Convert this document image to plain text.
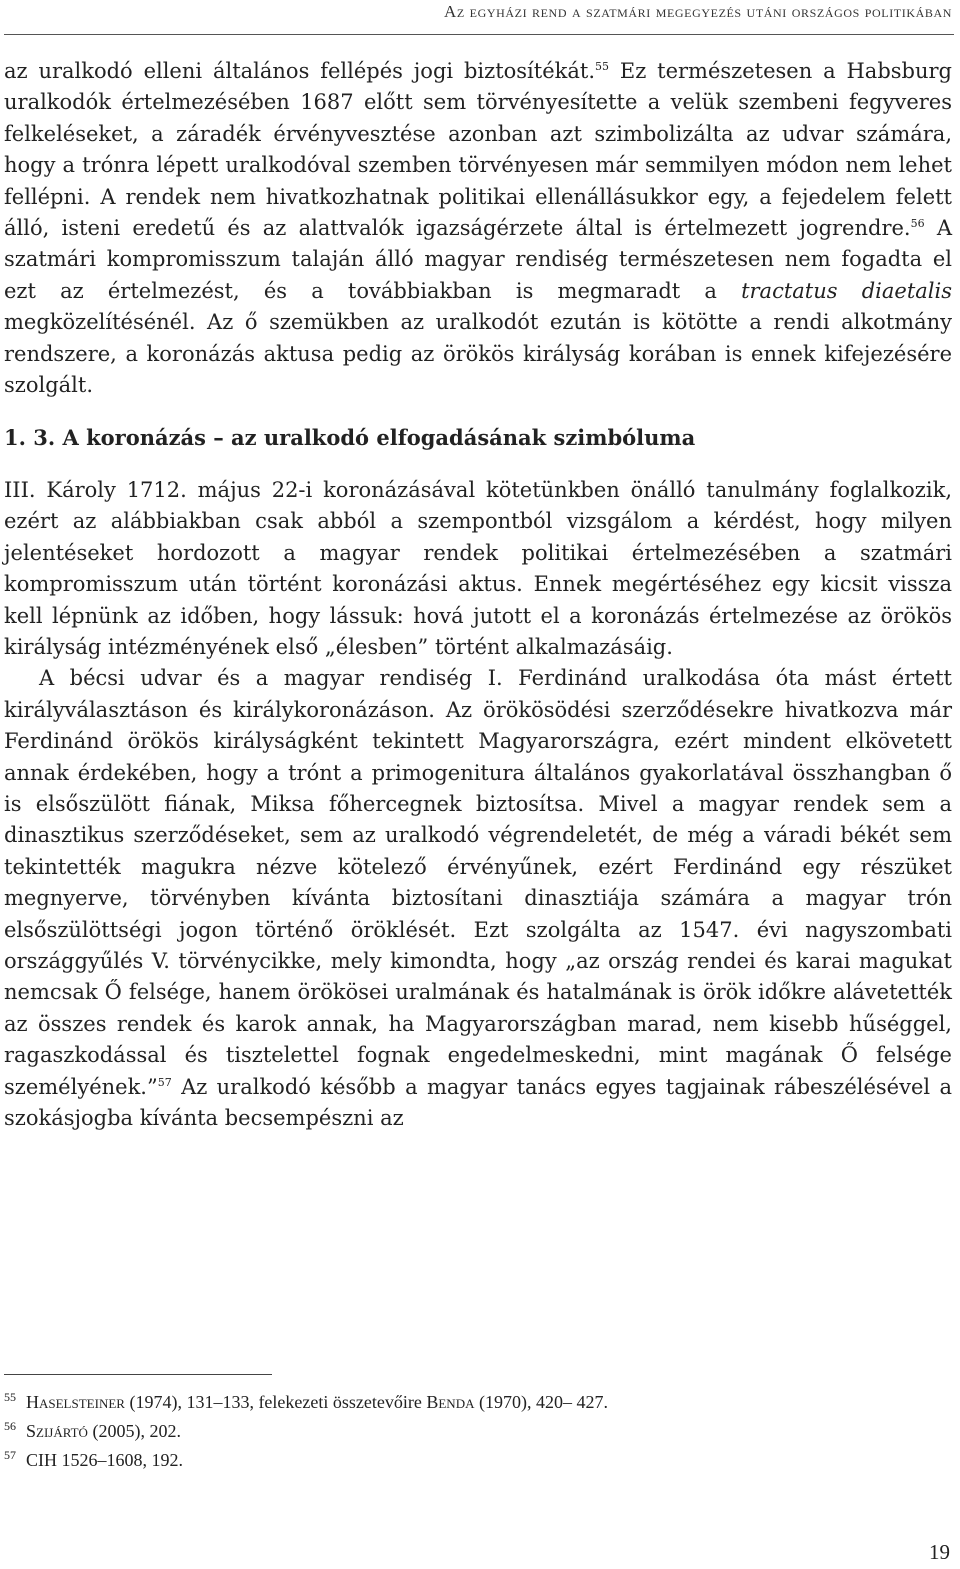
Az egyházi rend a szatmári megegyezés utáni országos politikában

az uralkodó elleni általános fellépés jogi biztosítékát.$^{55}$ Ez természetesen a Habsburg uralkodók értelmezésében 1687 előtt sem törvényesítette a velük szembeni fegyveres felkeléseket, a záradék érvényvesztése azonban azt szimbolizálta az udvar számára, hogy a trónra lépett uralkodóval szemben törvényesen már semmilyen módon nem lehet fellépni. A rendek nem hivatkozhatnak politikai ellenállásukkor egy, a fejedelem felett álló, isteni eredetű és az alattvalók igazságérzete által is értelmezett jogrendre.$^{56}$ A szatmári kompromisszum talaján álló magyar rendiség természetesen nem fogadta el ezt az értelmezést, és a továbbiakban is megmaradt a tractatus diaetalis megközelítésénél. Az ő szemükben az uralkodót ezután is kötötte a rendi alkotmány rendszere, a koronázás aktusa pedig az örökös királyság korában is ennek kifejezésére szolgált.

1. 3. A koronázás – az uralkodó elfogadásának szimbóluma

III. Károly 1712. május 22-i koronázásával kötetünkben önálló tanulmány foglalkozik, ezért az alábbiakban csak abból a szempontból vizsgálom a kérdést, hogy milyen jelentéseket hordozott a magyar rendek politikai értelmezésében a szatmári kompromisszum után történt koronázási aktus. Ennek megértéséhez egy kicsit vissza kell lépnünk az időben, hogy lássuk: hová jutott el a koronázás értelmezése az örökös királyság intézményének első „élesben” történt alkalmazásáig.

A bécsi udvar és a magyar rendiség I. Ferdinánd uralkodása óta mást értett királyválasztáson és királykoronázáson. Az örökösödési szerződésekre hivatkozva már Ferdinánd örökös királyságként tekintett Magyarországra, ezért mindent elkövetett annak érdekében, hogy a trónt a primogenitura általános gyakorlatával összhangban ő is elsőszülött fiának, Miksa főhercegnek biztosítsa. Mivel a magyar rendek sem a dinasztikus szerződéseket, sem az uralkodó végrendeletét, de még a váradi békét sem tekintették magukra nézve kötelező érvényűnek, ezért Ferdinánd egy részüket megnyerve, törvényben kívánta biztosítani dinasztiája számára a magyar trón elsőszülöttségi jogon történő öröklését. Ezt szolgálta az 1547. évi nagyszombati országgyűlés V. törvénycikke, mely kimondta, hogy „az ország rendei és karai magukat nemcsak Ő felsége, hanem örökösei uralmának és hatalmának is örök időkre alávetették az összes rendek és karok annak, ha Magyarországban marad, nem kisebb hűséggel, ragaszkodással és tisztelettel fognak engedelmeskedni, mint magának Ő felsége személyének.”$^{57}$ Az uralkodó később a magyar tanács egyes tagjainak rábeszélésével a szokásjogba kívánta becsempészni az

$^{55}$ Haselsteiner (1974), 131–133, felekezeti összetevőire Benda (1970), 420– 427.

$^{56}$ Szijártó (2005), 202.

$^{57}$ CIH 1526–1608, 192.

19
